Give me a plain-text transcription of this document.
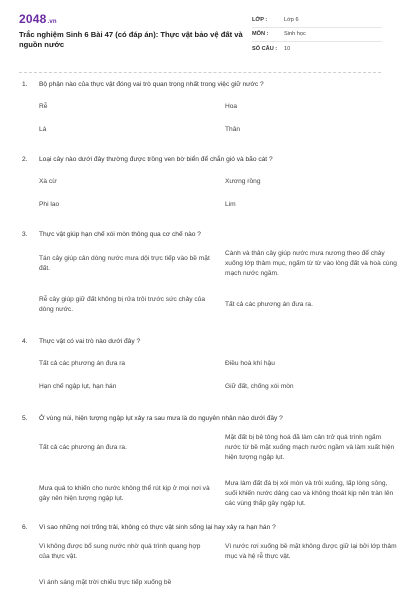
2048.vn
Trắc nghiệm Sinh 6 Bài 47 (có đáp án): Thực vật bảo vệ đất và nguồn nước
LỚP :	Lớp 6
MÔN :	Sinh học
SỐ CÂU :	10
1.	Bộ phận nào của thực vật đóng vai trò quan trọng nhất trong việc giữ nước ?
Rễ	Hoa
Lá	Thân
2.	Loại cây nào dưới đây thường được trồng ven bờ biển để chắn gió và bão cát ?
Xà cừ	Xương rồng
Phi lao	Lim
3.	Thực vật giúp hạn chế xói mòn thông qua cơ chế nào ?
Tán cây giúp cản dòng nước mưa dội trực tiếp vào bề mặt đất.
Cành và thân cây giúp nước mưa nương theo để chảy xuống lớp thảm mục, ngấm từ từ vào lòng đất và hoà cùng mạch nước ngầm.
Rễ cây giúp giữ đất không bị rửa trôi trước sức chảy của dòng nước.
Tất cả các phương án đưa ra.
4.	Thực vật có vai trò nào dưới đây ?
Tất cả các phương án đưa ra	Điều hoà khí hậu
Hạn chế ngập lụt, hạn hán	Giữ đất, chống xói mòn
5.	Ở vùng núi, hiện tượng ngập lụt xảy ra sau mưa là do nguyên nhân nào dưới đây ?
Tất cả các phương án đưa ra.
Mặt đất bị bê tông hoá đã làm cản trở quá trình ngấm nước từ bề mặt xuống mạch nước ngầm và làm xuất hiện hiện tượng ngập lụt.
Mưa quá to khiến cho nước không thể rút kịp ở mọi nơi và gây nên hiện tượng ngập lụt.
Mưa làm đất đá bị xói mòn và trôi xuống, lấp lòng sông, suối khiến nước dâng cao và không thoát kịp nên tràn lên các vùng thấp gây ngập lụt.
6.	Vì sao những nơi trống trải, không có thực vật sinh sống lại hay xảy ra hạn hán ?
Vì không được bổ sung nước nhờ quá trình quang hợp của thực vật.
Vì nước rơi xuống bề mặt không được giữ lại bởi lớp thảm mục và hệ rễ thực vật.
Vì ánh sáng mặt trời chiếu trực tiếp xuống bề
